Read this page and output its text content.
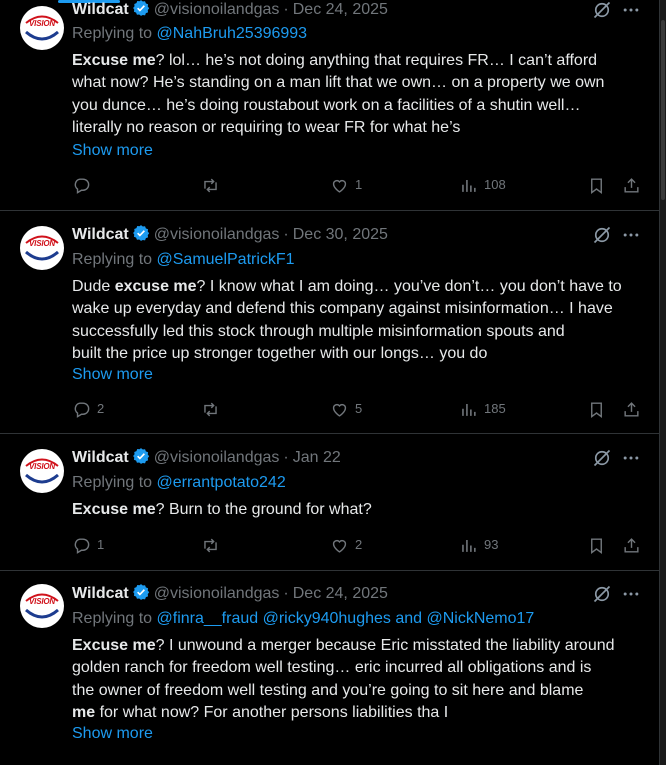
VISION
Wildcat @visionoilandgas · Dec 24, 2025
Replying to @NahBruh25396993
Excuse me? lol… he’s not doing anything that requires FR… I can’t afford
what now? He’s standing on a man lift that we own… on a property we own
you dunce… he’s doing roustabout work on a facilities of a shutin well…
literally no reason or requiring to wear FR for what he’s
Show more
1	108
VISION
Wildcat @visionoilandgas · Dec 30, 2025
Replying to @SamuelPatrickF1
Dude excuse me? I know what I am doing… you’ve don’t… you don’t have to
wake up everyday and defend this company against misinformation… I have
successfully led this stock through multiple misinformation spouts and
built the price up stronger together with our longs… you do
Show more
2	5	185
VISION
Wildcat @visionoilandgas · Jan 22
Replying to @errantpotato242
Excuse me? Burn to the ground for what?
1	2	93
VISION	Wildcat @visionoilandgas · Dec 24, 2025
Replying to @finra__fraud @ricky940hughes and @NickNemo17
Excuse me? I unwound a merger because Eric misstated the liability around
golden ranch for freedom well testing… eric incurred all obligations and is
the owner of freedom well testing and you’re going to sit here and blame
me for what now? For another persons liabilities tha I
Show more
